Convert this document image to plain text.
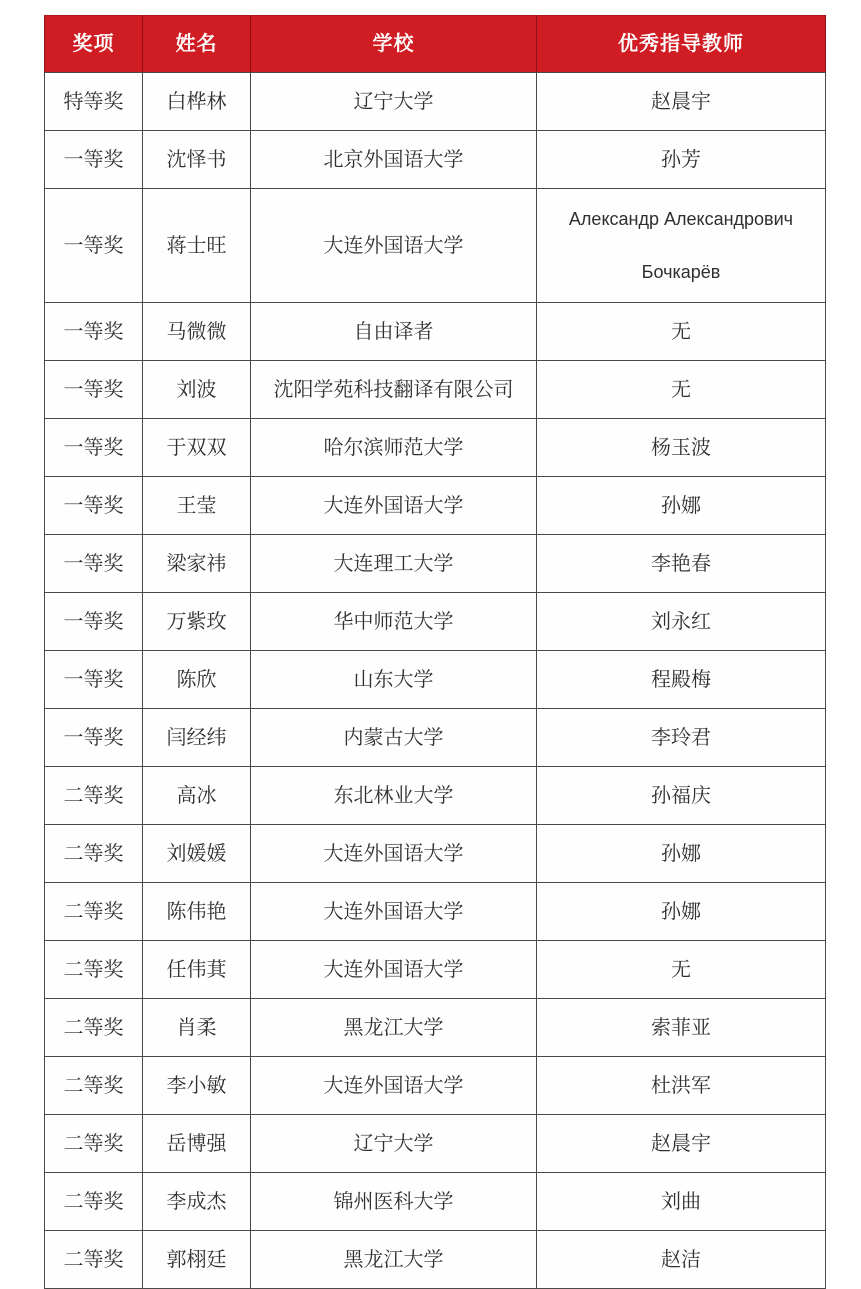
奖项	姓名	学校	优秀指导教师
特等奖	白桦林	辽宁大学	赵晨宇
一等奖	沈怿书	北京外国语大学	孙芳
一等奖	蒋士旺	大连外国语大学	Александр Александрович Бочкарёв
一等奖	马微微	自由译者	无
一等奖	刘波	沈阳学苑科技翻译有限公司	无
一等奖	于双双	哈尔滨师范大学	杨玉波
一等奖	王莹	大连外国语大学	孙娜
一等奖	梁家祎	大连理工大学	李艳春
一等奖	万紫玫	华中师范大学	刘永红
一等奖	陈欣	山东大学	程殿梅
一等奖	闫经纬	内蒙古大学	李玲君
二等奖	高冰	东北林业大学	孙福庆
二等奖	刘媛媛	大连外国语大学	孙娜
二等奖	陈伟艳	大连外国语大学	孙娜
二等奖	任伟萁	大连外国语大学	无
二等奖	肖柔	黑龙江大学	索菲亚
二等奖	李小敏	大连外国语大学	杜洪军
二等奖	岳博强	辽宁大学	赵晨宇
二等奖	李成杰	锦州医科大学	刘曲
二等奖	郭栩廷	黑龙江大学	赵洁
